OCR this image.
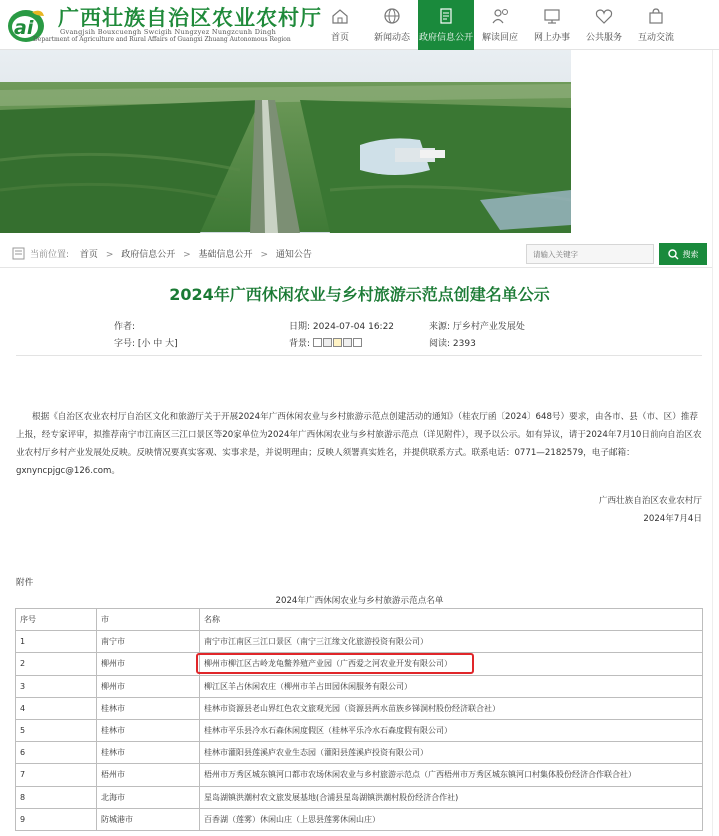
ai 广西壮族自治区农业农村厅
Gvangjsih Bouxcuengh Swcigih Nungzyez Nungzcunh Dingh
Department of Agriculture and Rural Affairs of Guangxi Zhuang Autonomous Region	首页	新闻动态 政府信息公开 解读回应 网上办事 公共服务 互动交流
当前位置: 首页 > 政府信息公开 > 基础信息公开 > 通知公告
请输入关键字	搜索
2024年广西休闲农业与乡村旅游示范点创建名单公示
作者:	日期: 2024-07-04 16:22	来源: 厅乡村产业发展处
字号: [小 中 大]	背景:	阅读: 2393
根据《自治区农业农村厅自治区文化和旅游厅关于开展2024年广西休闲农业与乡村旅游示范点创建活动的通知》（桂农厅函〔2024〕648号）要求，由各市、县（市、区）推荐上报，经专家评审，拟推荐南宁市江南区三江口景区等20家单位为2024年广西休闲农业与乡村旅游示范点（详见附件），现予以公示。如有异议，请于2024年7月10日前向自治区农业农村厅乡村产业发展处反映。反映情况要真实客观、实事求是，并说明理由；反映人须署真实姓名，并提供联系方式。联系电话：0771—2182579，电子邮箱：gxnyncpjgc@126.com。
广西壮族自治区农业农村厅
2024年7月4日
附件
2024年广西休闲农业与乡村旅游示范点名单
序号	市	名称
1	南宁市	南宁市江南区三江口景区（南宁三江缘文化旅游投资有限公司）
2	柳州市	柳州市柳江区古岭龙龟鳖养殖产业园（广西爱之河农业开发有限公司）
3	柳州市	柳江区羊占休闲农庄（柳州市羊占田园休闲服务有限公司）
4	桂林市	桂林市资源县老山界红色农文旅观光园（资源县两水苗族乡锑洞村股份经济联合社）
5	桂林市	桂林市平乐县冷水石森休闲度假区（桂林平乐冷水石森度假有限公司）
6	桂林市	桂林市灌阳县莲溪庐农业生态园（灌阳县莲溪庐投资有限公司）
7	梧州市	梧州市万秀区城东镇河口都市农场休闲农业与乡村旅游示范点（广西梧州市万秀区城东镇河口村集体股份经济合作联合社）
8	北海市	星岛湖镇洪潮村农文旅发展基地(合浦县星岛湖镇洪潮村股份经济合作社)
9	防城港市	百香湖（莲雾）休闲山庄（上思县莲雾休闲山庄）
